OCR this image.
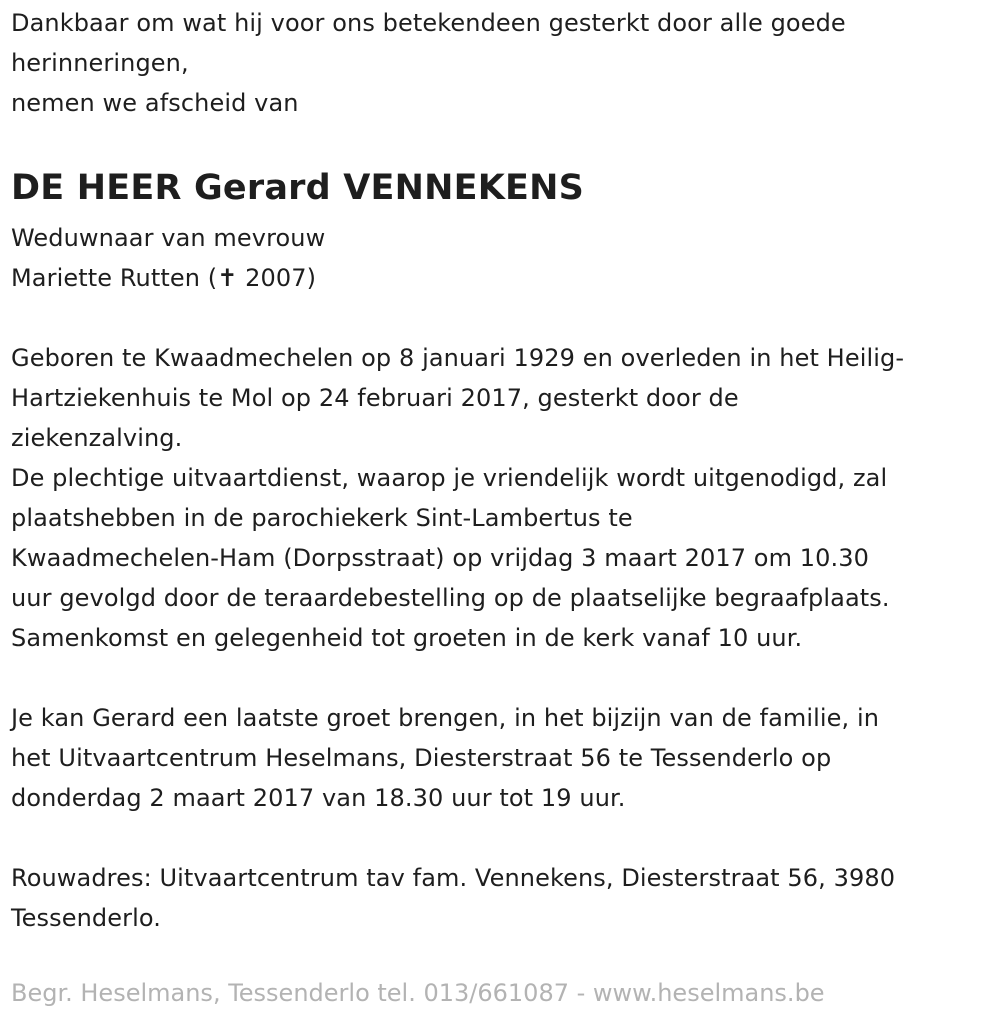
Dankbaar om wat hij voor ons betekendeen gesterkt door alle goede
herinneringen,
nemen we afscheid van
DE HEER Gerard VENNEKENS
Weduwnaar van mevrouw
Mariette Rutten (✝ 2007)
Geboren te Kwaadmechelen op 8 januari 1929 en overleden in het Heilig-
Hartziekenhuis te Mol op 24 februari 2017, gesterkt door de
ziekenzalving.
De plechtige uitvaartdienst, waarop je vriendelijk wordt uitgenodigd, zal
plaatshebben in de parochiekerk Sint-Lambertus te
Kwaadmechelen-Ham (Dorpsstraat) op vrijdag 3 maart 2017 om 10.30
uur gevolgd door de teraardebestelling op de plaatselijke begraafplaats.
Samenkomst en gelegenheid tot groeten in de kerk vanaf 10 uur.
Je kan Gerard een laatste groet brengen, in het bijzijn van de familie, in
het Uitvaartcentrum Heselmans, Diesterstraat 56 te Tessenderlo op
donderdag 2 maart 2017 van 18.30 uur tot 19 uur.
Rouwadres: Uitvaartcentrum tav fam. Vennekens, Diesterstraat 56, 3980
Tessenderlo.
Begr. Heselmans, Tessenderlo tel. 013/661087 - www.heselmans.be
